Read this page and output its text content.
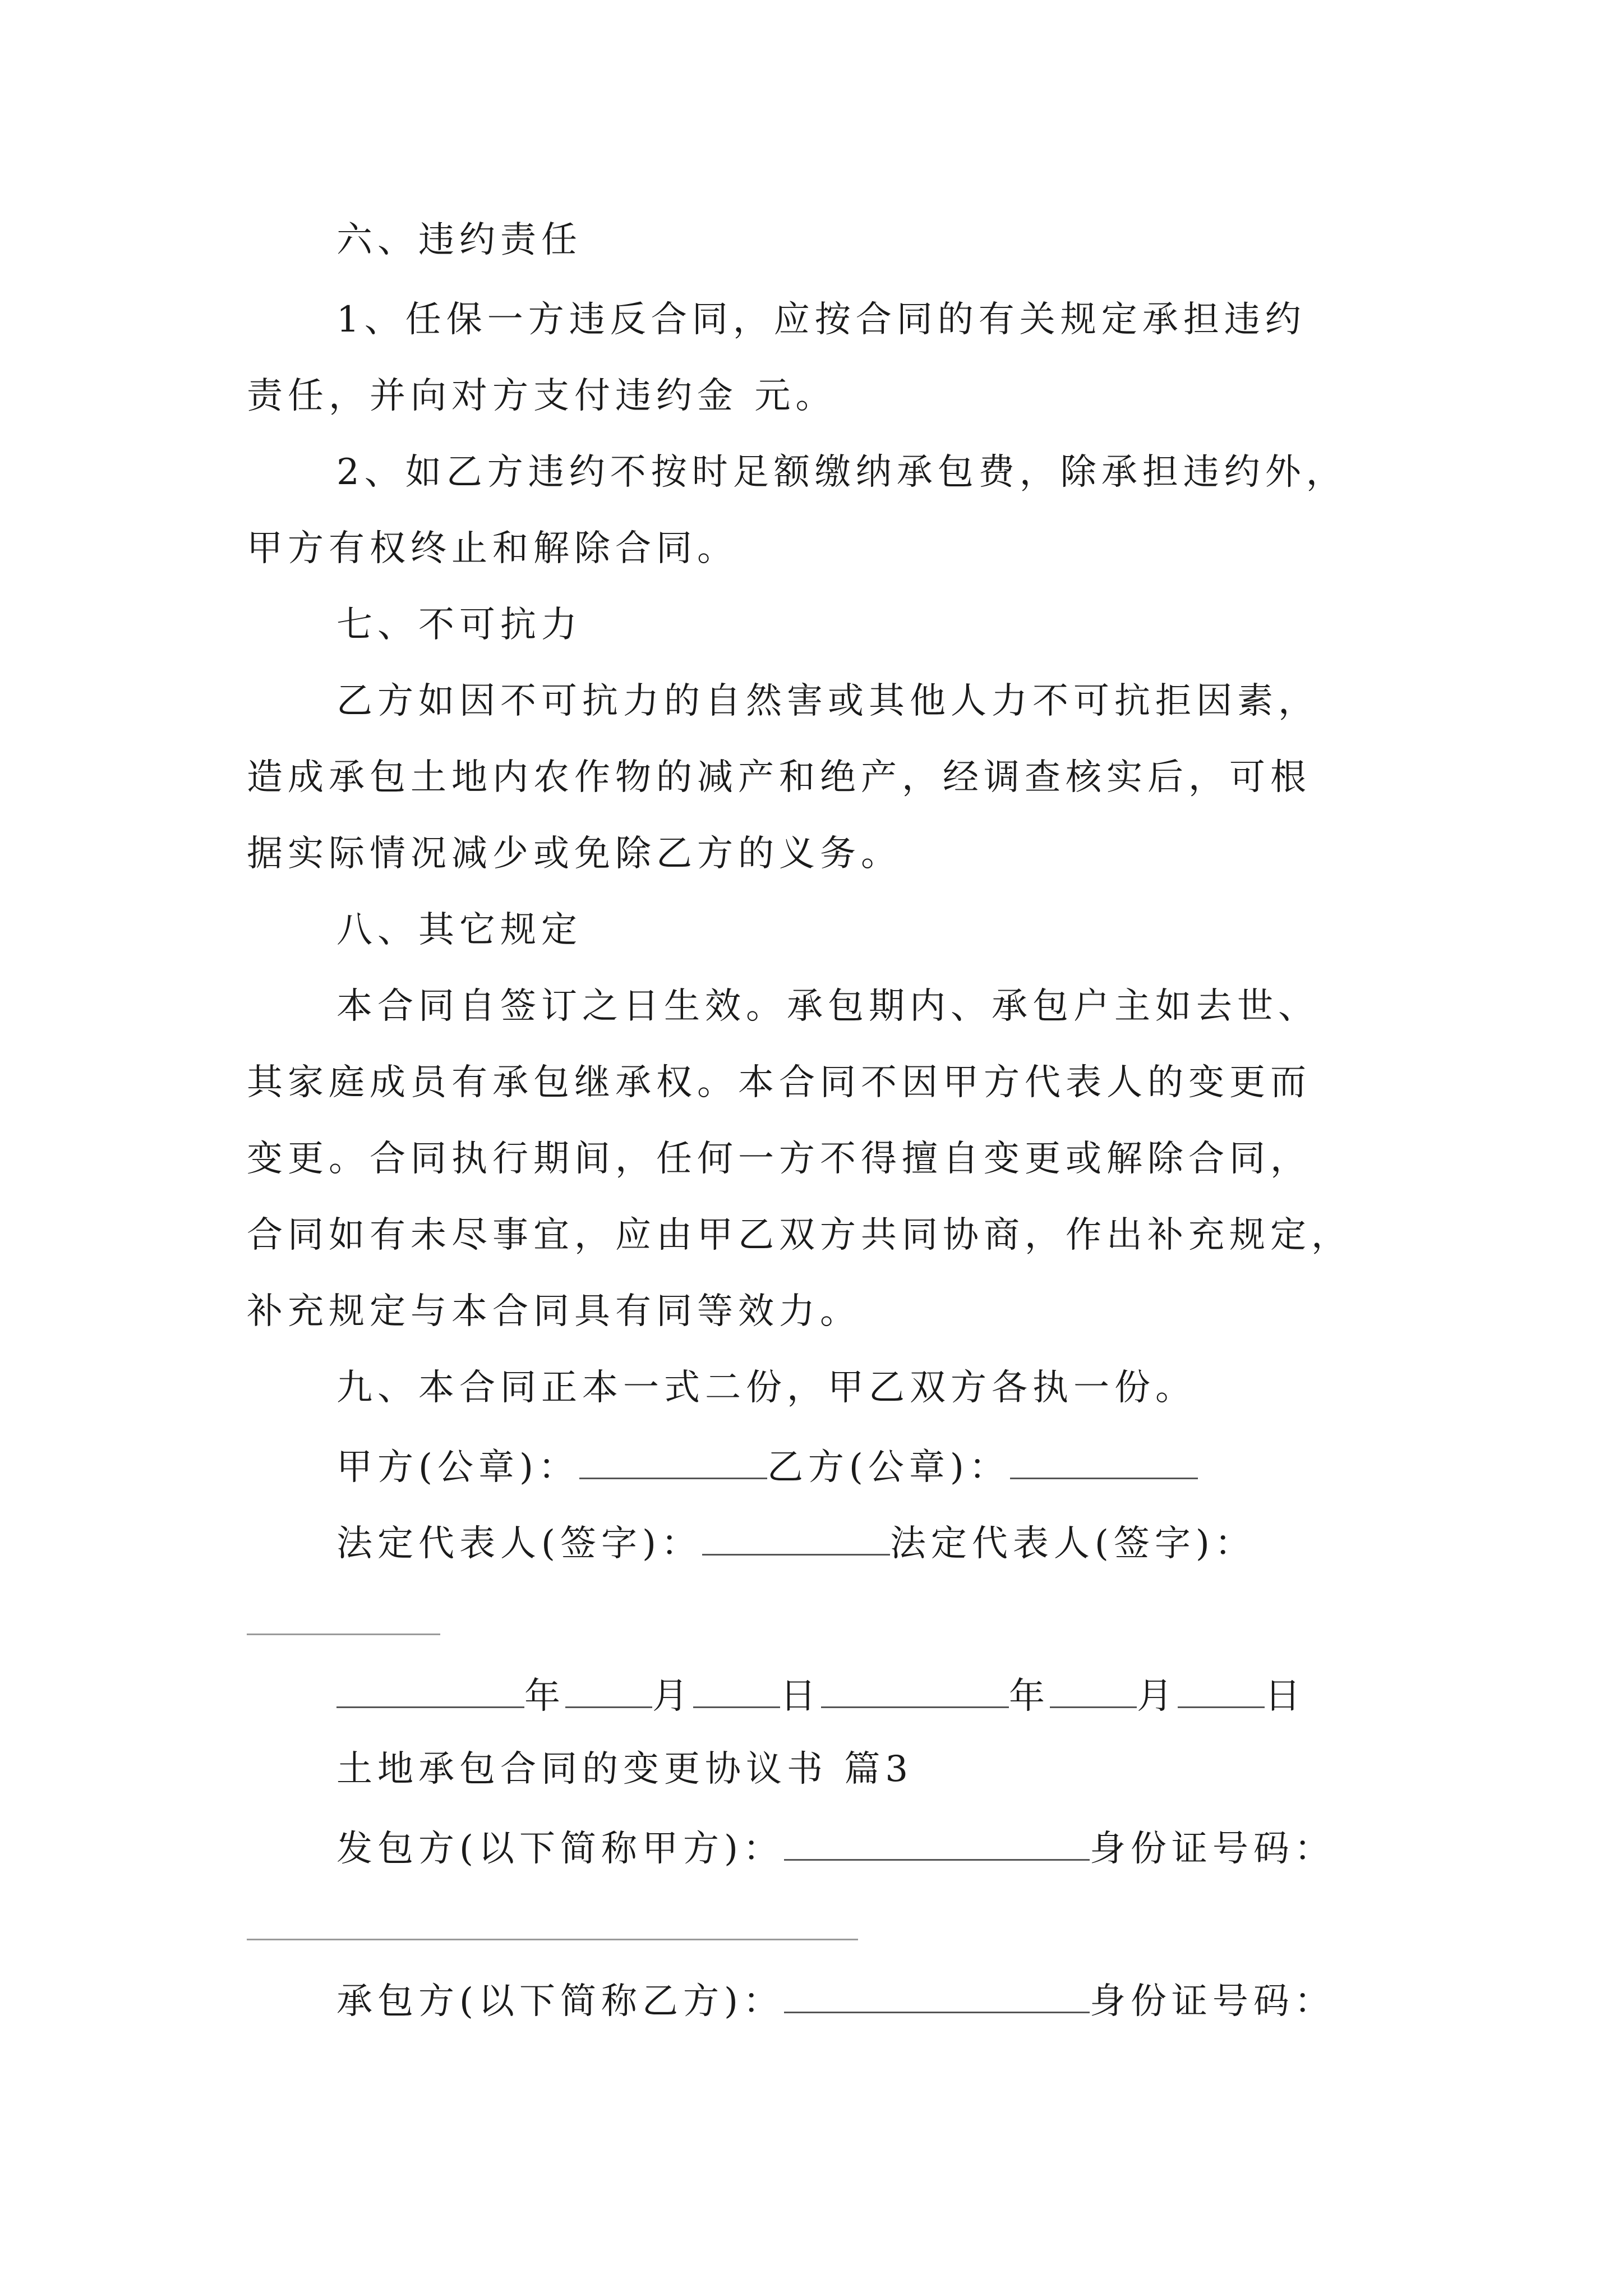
六、违约责任
1、任保一方违反合同，应按合同的有关规定承担违约
责任，并向对方支付违约金 元。
2、如乙方违约不按时足额缴纳承包费，除承担违约外，
甲方有权终止和解除合同。
七、不可抗力
乙方如因不可抗力的自然害或其他人力不可抗拒因素，
造成承包土地内农作物的减产和绝产，经调查核实后，可根
据实际情况减少或免除乙方的义务。
八、其它规定
本合同自签订之日生效。承包期内、承包户主如去世、
其家庭成员有承包继承权。本合同不因甲方代表人的变更而
变更。合同执行期间，任何一方不得擅自变更或解除合同，
合同如有未尽事宜，应由甲乙双方共同协商，作出补充规定，
补充规定与本合同具有同等效力。
九、本合同正本一式二份，甲乙双方各执一份。
甲方(公章)：	乙方(公章)：
法定代表人(签字)：	法定代表人(签字)：
年 月 日	年 月 日
土地承包合同的变更协议书 篇3
发包方(以下简称甲方)：	身份证号码：
承包方(以下简称乙方)：	身份证号码：
